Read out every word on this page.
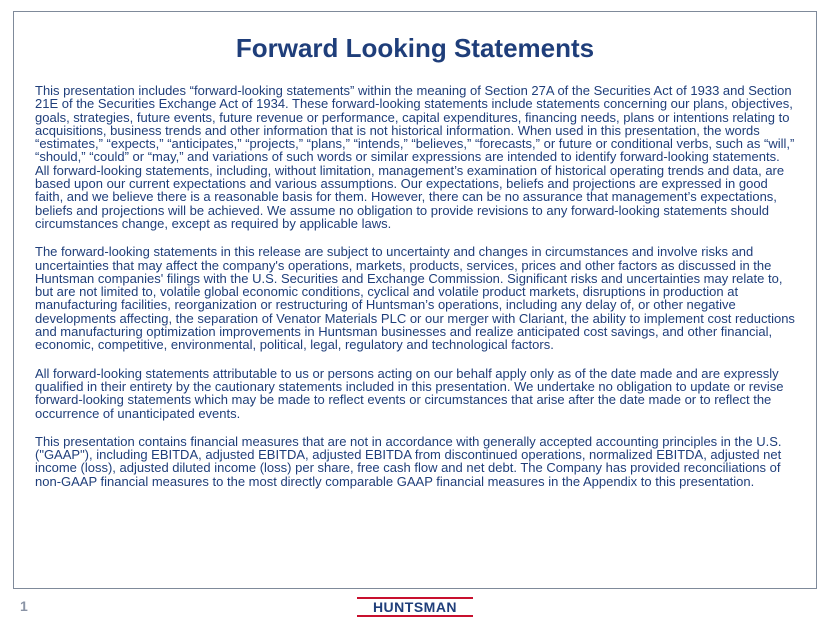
Forward Looking Statements

This presentation includes “forward-looking statements” within the meaning of Section 27A of the Securities Act of 1933 and Section 21E of the Securities Exchange Act of 1934. These forward-looking statements include statements concerning our plans, objectives, goals, strategies, future events, future revenue or performance, capital expenditures, financing needs, plans or intentions relating to acquisitions, business trends and other information that is not historical information. When used in this presentation, the words “estimates,” “expects,” “anticipates,” “projects,” “plans,” “intends,” “believes,” “forecasts,” or future or conditional verbs, such as “will,” “should,” “could” or “may,” and variations of such words or similar expressions are intended to identify forward-looking statements. All forward-looking statements, including, without limitation, management’s examination of historical operating trends and data, are based upon our current expectations and various assumptions. Our expectations, beliefs and projections are expressed in good faith, and we believe there is a reasonable basis for them. However, there can be no assurance that management’s expectations, beliefs and projections will be achieved. We assume no obligation to provide revisions to any forward-looking statements should circumstances change, except as required by applicable laws.

The forward-looking statements in this release are subject to uncertainty and changes in circumstances and involve risks and uncertainties that may affect the company's operations, markets, products, services, prices and other factors as discussed in the Huntsman companies' filings with the U.S. Securities and Exchange Commission. Significant risks and uncertainties may relate to, but are not limited to, volatile global economic conditions, cyclical and volatile product markets, disruptions in production at manufacturing facilities, reorganization or restructuring of Huntsman’s operations, including any delay of, or other negative developments affecting, the separation of Venator Materials PLC or our merger with Clariant, the ability to implement cost reductions and manufacturing optimization improvements in Huntsman businesses and realize anticipated cost savings, and other financial, economic, competitive, environmental, political, legal, regulatory and technological factors.

All forward-looking statements attributable to us or persons acting on our behalf apply only as of the date made and are expressly qualified in their entirety by the cautionary statements included in this presentation. We undertake no obligation to update or revise forward-looking statements which may be made to reflect events or circumstances that arise after the date made or to reflect the occurrence of unanticipated events.

This presentation contains financial measures that are not in accordance with generally accepted accounting principles in the U.S. ("GAAP"), including EBITDA, adjusted EBITDA, adjusted EBITDA from discontinued operations, normalized EBITDA, adjusted net income (loss), adjusted diluted income (loss) per share, free cash flow and net debt. The Company has provided reconciliations of non-GAAP financial measures to the most directly comparable GAAP financial measures in the Appendix to this presentation.

1	HUNTSMAN
